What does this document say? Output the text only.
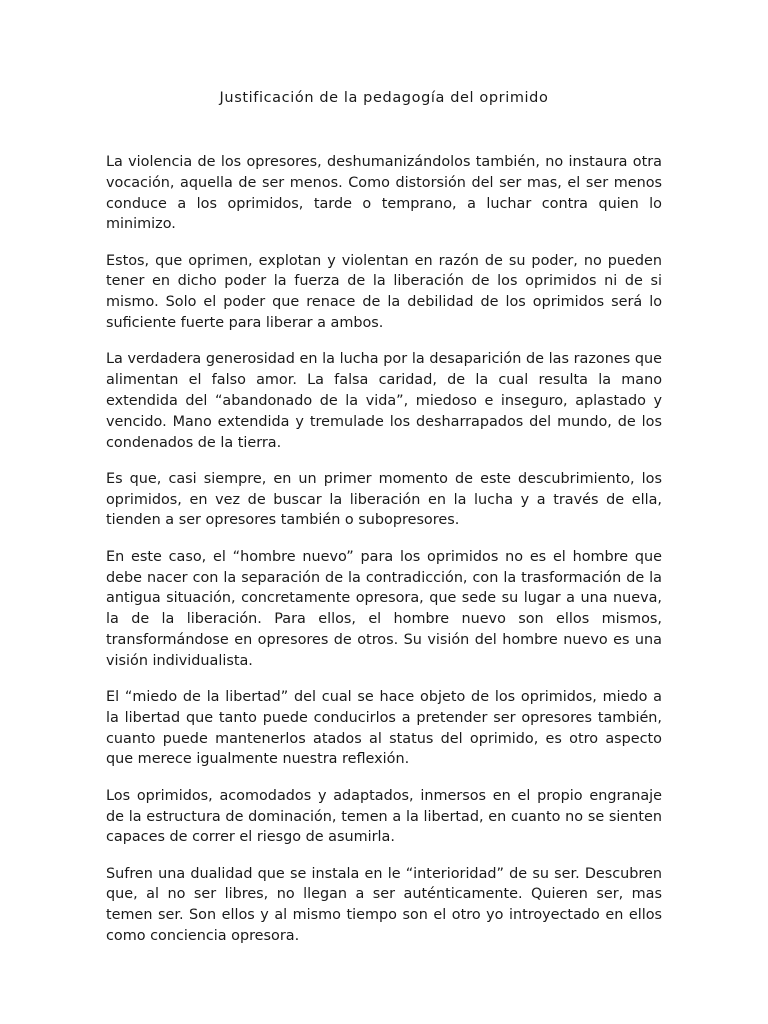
Justificación de la pedagogía del oprimido

La violencia de los opresores, deshumanizándolos también, no instaura otra vocación, aquella de ser menos. Como distorsión del ser mas, el ser menos conduce a los oprimidos, tarde o temprano, a luchar contra quien lo minimizo.

Estos, que oprimen, explotan y violentan en razón de su poder, no pueden tener en dicho poder la fuerza de la liberación de los oprimidos ni de si mismo. Solo el poder que renace de la debilidad de los oprimidos será lo suficiente fuerte para liberar a ambos.

La verdadera generosidad en la lucha por la desaparición de las razones que alimentan el falso amor. La falsa caridad, de la cual resulta la mano extendida del “abandonado de la vida”, miedoso e inseguro, aplastado y vencido. Mano extendida y tremulade los desharrapados del mundo, de los condenados de la tierra.

Es que, casi siempre, en un primer momento de este descubrimiento, los oprimidos, en vez de buscar la liberación en la lucha y a través de ella, tienden a ser opresores también o subopresores.

En este caso, el “hombre nuevo” para los oprimidos no es el hombre que debe nacer con la separación de la contradicción, con la trasformación de la antigua situación, concretamente opresora, que sede su lugar a una nueva, la de la liberación. Para ellos, el hombre nuevo son ellos mismos, transformándose en opresores de otros. Su visión del hombre nuevo es una visión individualista.

El “miedo de la libertad” del cual se hace objeto de los oprimidos, miedo a la libertad que tanto puede conducirlos a pretender ser opresores también, cuanto puede mantenerlos atados al status del oprimido, es otro aspecto que merece igualmente nuestra reflexión.

Los oprimidos, acomodados y adaptados, inmersos en el propio engranaje de la estructura de dominación, temen a la libertad, en cuanto no se sienten capaces de correr el riesgo de asumirla.

Sufren una dualidad que se instala en le “interioridad” de su ser. Descubren que, al no ser libres, no llegan a ser auténticamente. Quieren ser, mas temen ser. Son ellos y al mismo tiempo son el otro yo introyectado en ellos como conciencia opresora.
